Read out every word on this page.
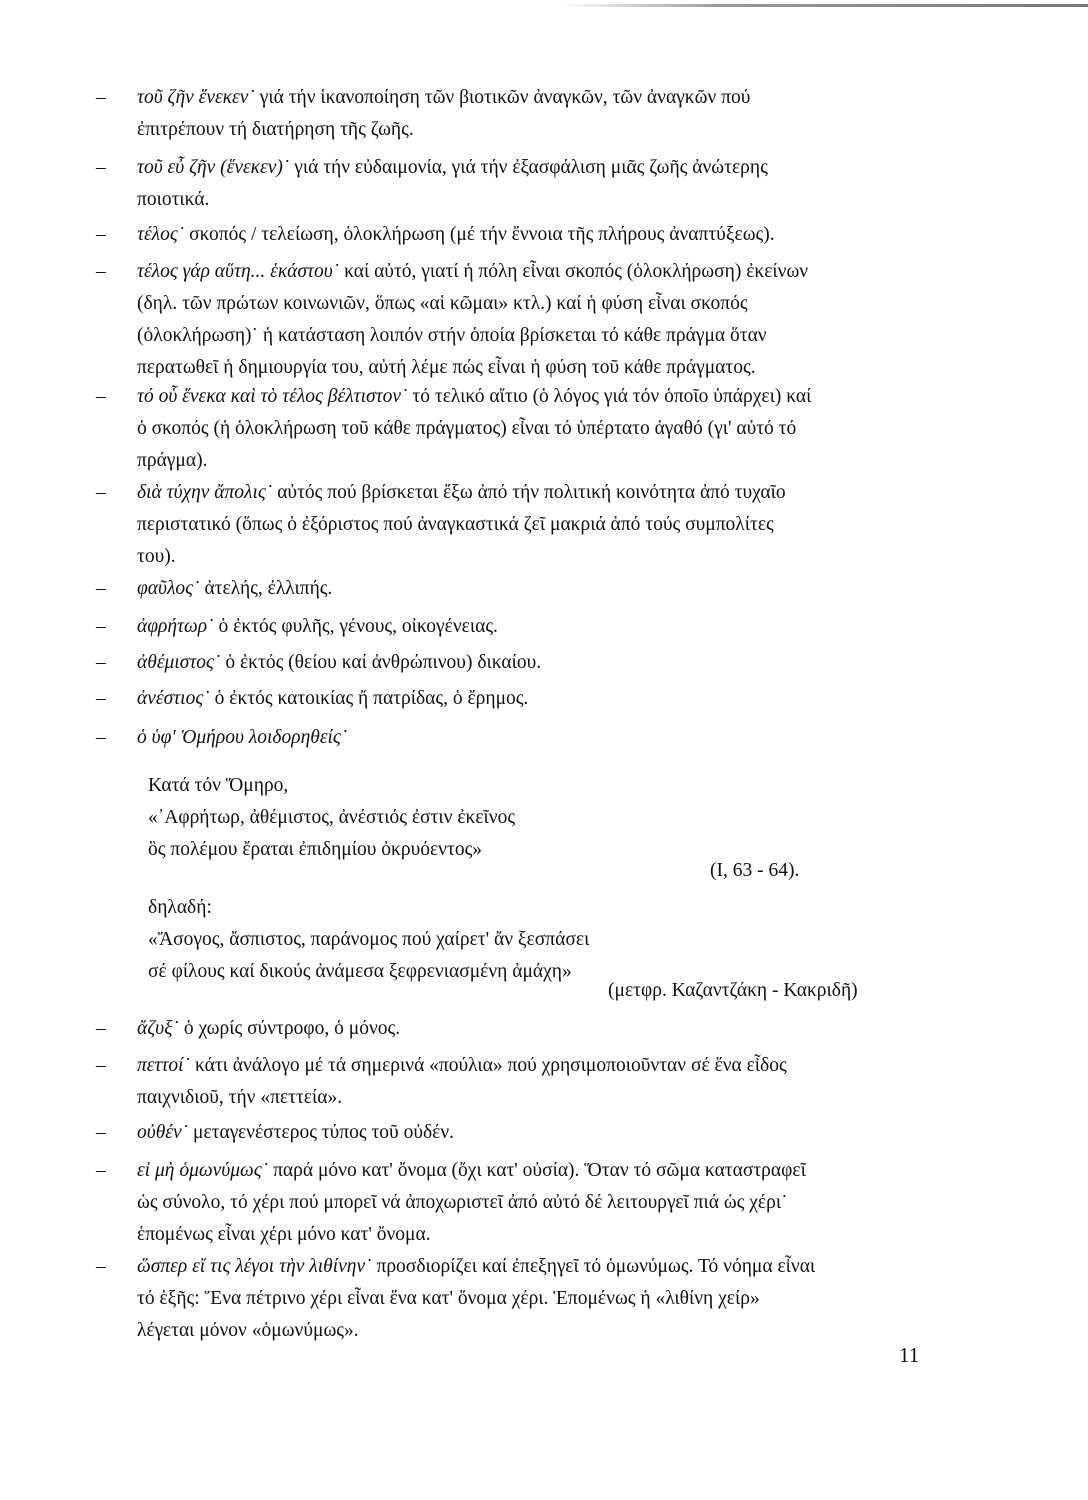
– τοῦ ζῆν ἕνεκεν˙ γιά τήν ἱκανοποίηση τῶν βιοτικῶν ἀναγκῶν, τῶν ἀναγκῶν πού
ἐπιτρέπουν τή διατήρηση τῆς ζωῆς.
– τοῦ εὖ ζῆν (ἕνεκεν)˙ γιά τήν εὐδαιμονία, γιά τήν ἐξασφάλιση μιᾶς ζωῆς ἀνώτερης
ποιοτικά.
– τέλος˙ σκοπός / τελείωση, ὁλοκλήρωση (μέ τήν ἔννοια τῆς πλήρους ἀναπτύξεως).
– τέλος γάρ αὕτη... ἑκάστου˙ καί αὐτό, γιατί ἡ πόλη εἶναι σκοπός (ὁλοκλήρωση) ἐκείνων
(δηλ. τῶν πρώτων κοινωνιῶν, ὅπως «αἱ κῶμαι» κτλ.) καί ἡ φύση εἶναι σκοπός
(ὁλοκλήρωση)˙ ἡ κατάσταση λοιπόν στήν ὁποία βρίσκεται τό κάθε πράγμα ὅταν
περατωθεῖ ἡ δημιουργία του, αὐτή λέμε πώς εἶναι ἡ φύση τοῦ κάθε πράγματος.
– τό οὗ ἕνεκα καὶ τὸ τέλος βέλτιστον˙ τό τελικό αἴτιο (ὁ λόγος γιά τόν ὁποῖο ὑπάρχει) καί
ὁ σκοπός (ἡ ὁλοκλήρωση τοῦ κάθε πράγματος) εἶναι τό ὑπέρτατο ἀγαθό (γι' αὐτό τό
πράγμα).
– διὰ τύχην ἄπολις˙ αὐτός πού βρίσκεται ἔξω ἀπό τήν πολιτική κοινότητα ἀπό τυχαῖο
περιστατικό (ὅπως ὁ ἐξόριστος πού ἀναγκαστικά ζεῖ μακριά ἀπό τούς συμπολίτες
του).
– φαῦλος˙ ἀτελής, ἐλλιπής.
– ἀφρήτωρ˙ ὁ ἐκτός φυλῆς, γένους, οἰκογένειας.
– ἀθέμιστος˙ ὁ ἐκτός (θείου καί ἀνθρώπινου) δικαίου.
– ἀνέστιος˙ ὁ ἐκτός κατοικίας ἤ πατρίδας, ὁ ἔρημος.
– ὁ ὑφ' Ὁμήρου λοιδορηθείς˙
Κατά τόν Ὅμηρο,
«᾽Αφρήτωρ, ἀθέμιστος, ἀνέστιός ἐστιν ἐκεῖνος
ὃς πολέμου ἔραται ἐπιδημίου ὀκρυόεντος»
(Ι, 63 - 64).
δηλαδή:
«Ἄσογος, ἄσπιστος, παράνομος πού χαίρετ' ἄν ξεσπάσει
σέ φίλους καί δικούς ἀνάμεσα ξεφρενιασμένη ἀμάχη»
(μετφρ. Καζαντζάκη - Κακριδῆ)
– ἄζυξ˙ ὁ χωρίς σύντροφο, ὁ μόνος.
– πεττοί˙ κάτι ἀνάλογο μέ τά σημερινά «πούλια» πού χρησιμοποιοῦνταν σέ ἕνα εἶδος
παιχνιδιοῦ, τήν «πεττεία».
– οὐθέν˙ μεταγενέστερος τύπος τοῦ οὐδέν.
– εἰ μὴ ὁμωνύμως˙ παρά μόνο κατ' ὄνομα (ὄχι κατ' οὐσία). Ὅταν τό σῶμα καταστραφεῖ
ὡς σύνολο, τό χέρι πού μπορεῖ νά ἀποχωριστεῖ ἀπό αὐτό δέ λειτουργεῖ πιά ὡς χέρι˙
ἑπομένως εἶναι χέρι μόνο κατ' ὄνομα.
– ὥσπερ εἴ τις λέγοι τὴν λιθίνην˙ προσδιορίζει καί ἐπεξηγεῖ τό ὁμωνύμως. Τό νόημα εἶναι
τό ἑξῆς: Ἕνα πέτρινο χέρι εἶναι ἕνα κατ' ὄνομα χέρι. Ἑπομένως ἡ «λιθίνη χείρ»
λέγεται μόνον «ὁμωνύμως».
11
